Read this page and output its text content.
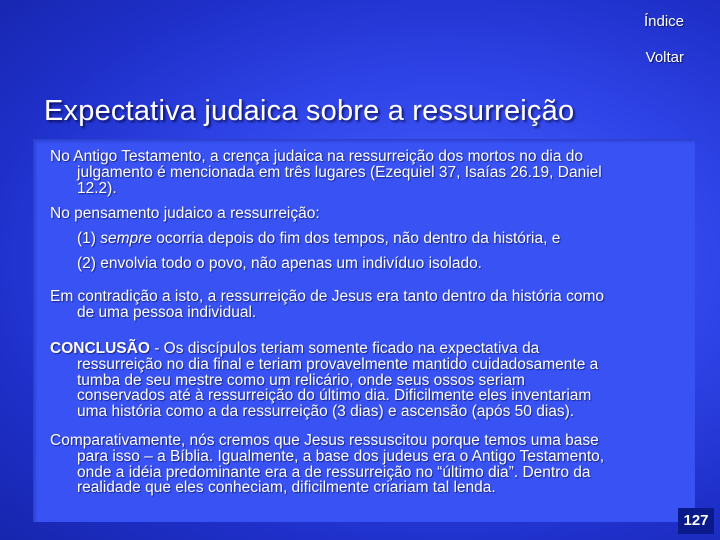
Índice
Voltar
Expectativa judaica sobre a ressurreição
No Antigo Testamento, a crença judaica na ressurreição dos mortos no dia do
julgamento é mencionada em três lugares (Ezequiel 37, Isaías 26.19, Daniel
12.2).
No pensamento judaico a ressurreição:
(1) sempre ocorria depois do fim dos tempos, não dentro da história, e
(2) envolvia todo o povo, não apenas um indivíduo isolado.
Em contradição a isto, a ressurreição de Jesus era tanto dentro da história como
de uma pessoa individual.
CONCLUSÃO - Os discípulos teriam somente ficado na expectativa da
ressurreição no dia final e teriam provavelmente mantido cuidadosamente a
tumba de seu mestre como um relicário, onde seus ossos seriam
conservados até à ressurreição do último dia. Dificilmente eles inventariam
uma história como a da ressurreição (3 dias) e ascensão (após 50 dias).
Comparativamente, nós cremos que Jesus ressuscitou porque temos uma base
para isso – a Bíblia. Igualmente, a base dos judeus era o Antigo Testamento,
onde a idéia predominante era a de ressurreição no “último dia”. Dentro da
realidade que eles conheciam, dificilmente criariam tal lenda.
127
